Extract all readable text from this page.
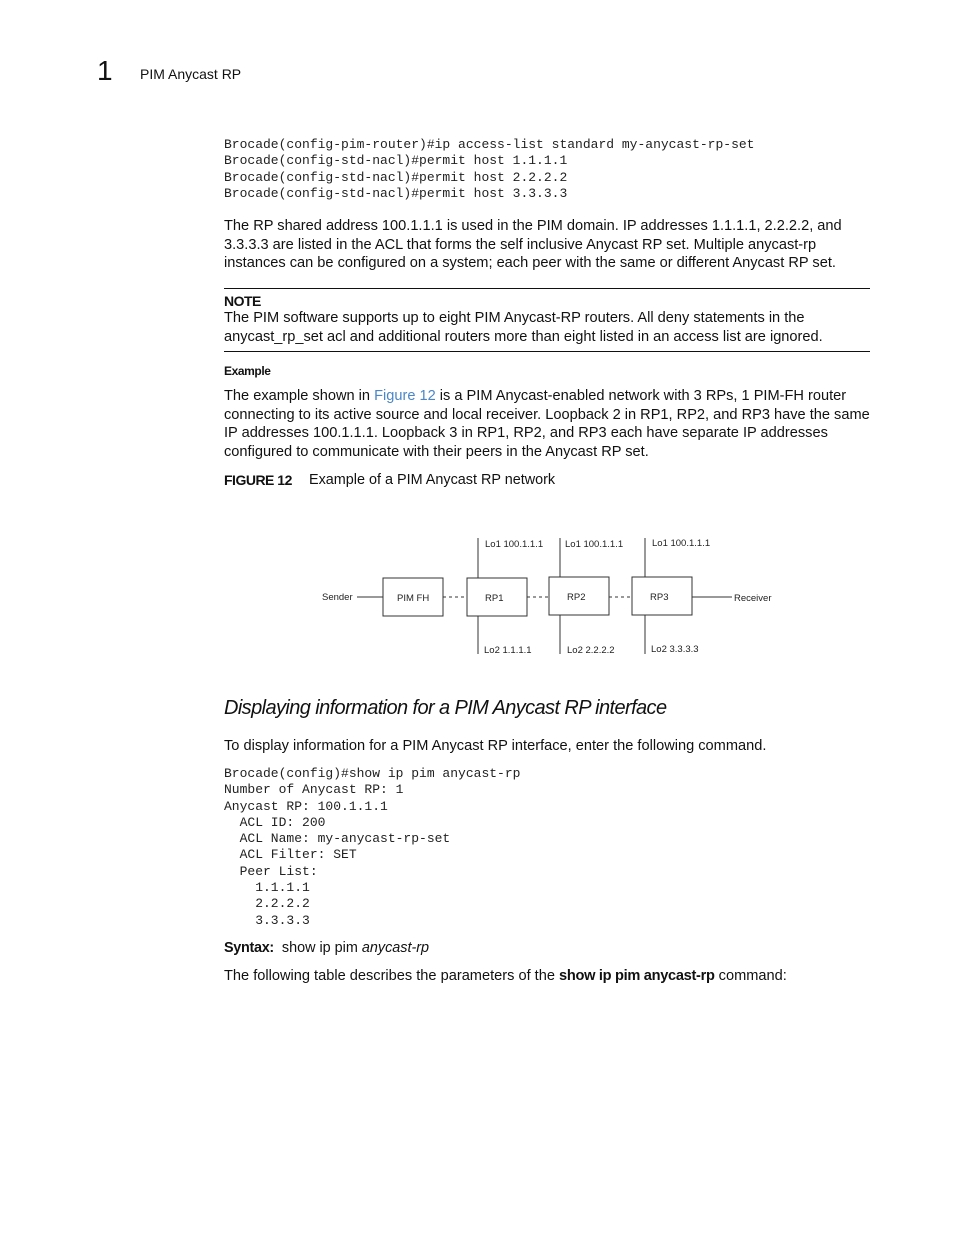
1 PIM Anycast RP
Brocade(config-pim-router)#ip access-list standard my-anycast-rp-set
Brocade(config-std-nacl)#permit host 1.1.1.1
Brocade(config-std-nacl)#permit host 2.2.2.2
Brocade(config-std-nacl)#permit host 3.3.3.3

The RP shared address 100.1.1.1 is used in the PIM domain. IP addresses 1.1.1.1, 2.2.2.2, and 3.3.3.3 are listed in the ACL that forms the self inclusive Anycast RP set. Multiple anycast-rp instances can be configured on a system; each peer with the same or different Anycast RP set.

NOTE

The PIM software supports up to eight PIM Anycast-RP routers. All deny statements in the anycast_rp_set acl and additional routers more than eight listed in an access list are ignored.

Example

The example shown in Figure 12 is a PIM Anycast-enabled network with 3 RPs, 1 PIM-FH router connecting to its active source and local receiver. Loopback 2 in RP1, RP2, and RP3 have the same IP addresses 100.1.1.1. Loopback 3 in RP1, RP2, and RP3 each have separate IP addresses configured to communicate with their peers in the Anycast RP set.

FIGURE 12 Example of a PIM Anycast RP network
Sender	PIM FH	RP1	RP2	RP3	Receiver
Lo1 100.1.1.1 Lo1 100.1.1.1	Lo1 100.1.1.1
Lo2 1.1.1.1	Lo2 2.2.2.2	Lo2 3.3.3.3
Displaying information for a PIM Anycast RP interface

To display information for a PIM Anycast RP interface, enter the following command.

Brocade(config)#show ip pim anycast-rp
Number of Anycast RP: 1
Anycast RP: 100.1.1.1
ACL ID: 200
ACL Name: my-anycast-rp-set
ACL Filter: SET
Peer List:
1.1.1.1
2.2.2.2
3.3.3.3
Syntax: show ip pim anycast-rp

The following table describes the parameters of the show ip pim anycast-rp command:
